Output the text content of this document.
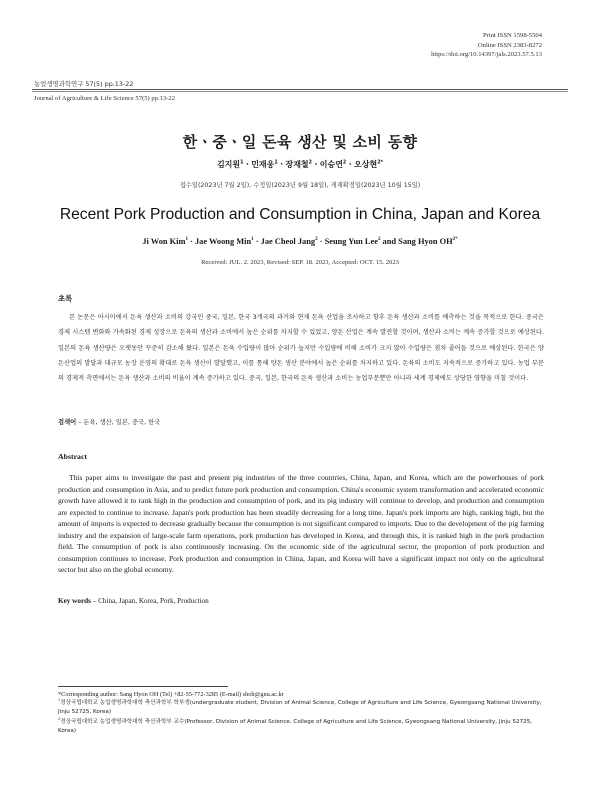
Print ISSN 1598-5504
Online ISSN 2383-8272
https://doi.org/10.14397/jals.2023.57.5.13
농업생명과학연구 57(5) pp.13-22
Journal of Agriculture & Life Science 57(5) pp.13-22
한ㆍ중ㆍ일 돈육 생산 및 소비 동향
김지원$^1$ㆍ민재웅$^1$ㆍ장재철$^2$ㆍ이승연$^2$ㆍ오상현$^{2*}$
접수일(2023년 7월 2일), 수정일(2023년 9월 18일), 게재확정일(2023년 10월 15일)
Recent Pork Production and Consumption in China, Japan and Korea
Ji Won Kim$^1$ · Jae Woong Min$^1$ · Jae Cheol Jang$^2$ · Seung Yun Lee$^2$ and Sang Hyon $OH^{2*}$
Received: JUL. 2. 2023, Revised: SEP. 18. 2023, Accepted: OCT. 15. 2023
초록
본 논문은 아시아에서 돈육 생산과 소비의 강국인 중국, 일본, 한국 3개국의 과거와 현재 돈육 산업을 조사하고 향후 돈육 생산과 소비를 예측하는 것을 목적으로 한다. 중국은 경제 시스템 변화와 가속화된 경제 성장으로 돈육의 생산과 소비에서 높은 순위를 차지할 수 있었고, 양돈 산업은 계속 발전할 것이며, 생산과 소비는 계속 증가할 것으로 예상된다. 일본의 돈육 생산량은 오랫동안 꾸준히 감소해 왔다. 일본은 돈육 수입량이 많아 순위가 높지만 수입량에 비해 소비가 크지 않아 수입량은 점차 줄어들 것으로 예상된다. 한국은 양돈산업의 발달과 대규모 농장 운영의 확대로 돈육 생산이 발달했고, 이를 통해 양돈 생산 분야에서 높은 순위를 차지하고 있다. 돈육의 소비도 지속적으로 증가하고 있다. 농업 부문의 경제적 측면에서는 돈육 생산과 소비의 비율이 계속 증가하고 있다. 중국, 일본, 한국의 돈육 생산과 소비는 농업부문뿐만 아니라 세계 경제에도 상당한 영향을 미칠 것이다.
검색어 – 돈육, 생산, 일본, 중국, 한국
Abstract
This paper aims to investigate the past and present pig industries of the three countries, China, Japan, and Korea, which are the powerhouses of pork production and consumption in Asia, and to predict future pork production and consumption. China's economic system transformation and accelerated economic growth have allowed it to rank high in the production and consumption of pork, and its pig industry will continue to develop, and production and consumption are expected to continue to increase. Japan's pork production has been steadily decreasing for a long time. Japan's pork imports are high, ranking high, but the amount of imports is expected to decrease gradually because the consumption is not significant compared to imports. Due to the development of the pig farming industry and the expansion of large-scale farm operations, pork production has developed in Korea, and through this, it is ranked high in the pork production field. The consumption of pork is also continuously increasing. On the economic side of the agricultural sector, the proportion of pork production and consumption continues to increase. Pork production and consumption in China, Japan, and Korea will have a significant impact not only on the agricultural sector but also on the global economy.
Key words – China, Japan, Korea, Pork, Production

*Corresponding author: Sang Hyon OH (Tel) +82-55-772-3285 (E-mail) shoh@gnu.ac.kr

$^1$경상국립대학교 농업생명과학대학 축산과학부 학부생(undergraduate student, Division of Animal Science, College of Agriculture and Life Science, Gyeongsang National University, Jinju 52725, Korea)

$^2$경상국립대학교 농업생명과학대학 축산과학부 교수(Professor, Division of Animal Science, College of Agriculture and Life Science, Gyeongsang National University, Jinju 52725, Korea)
